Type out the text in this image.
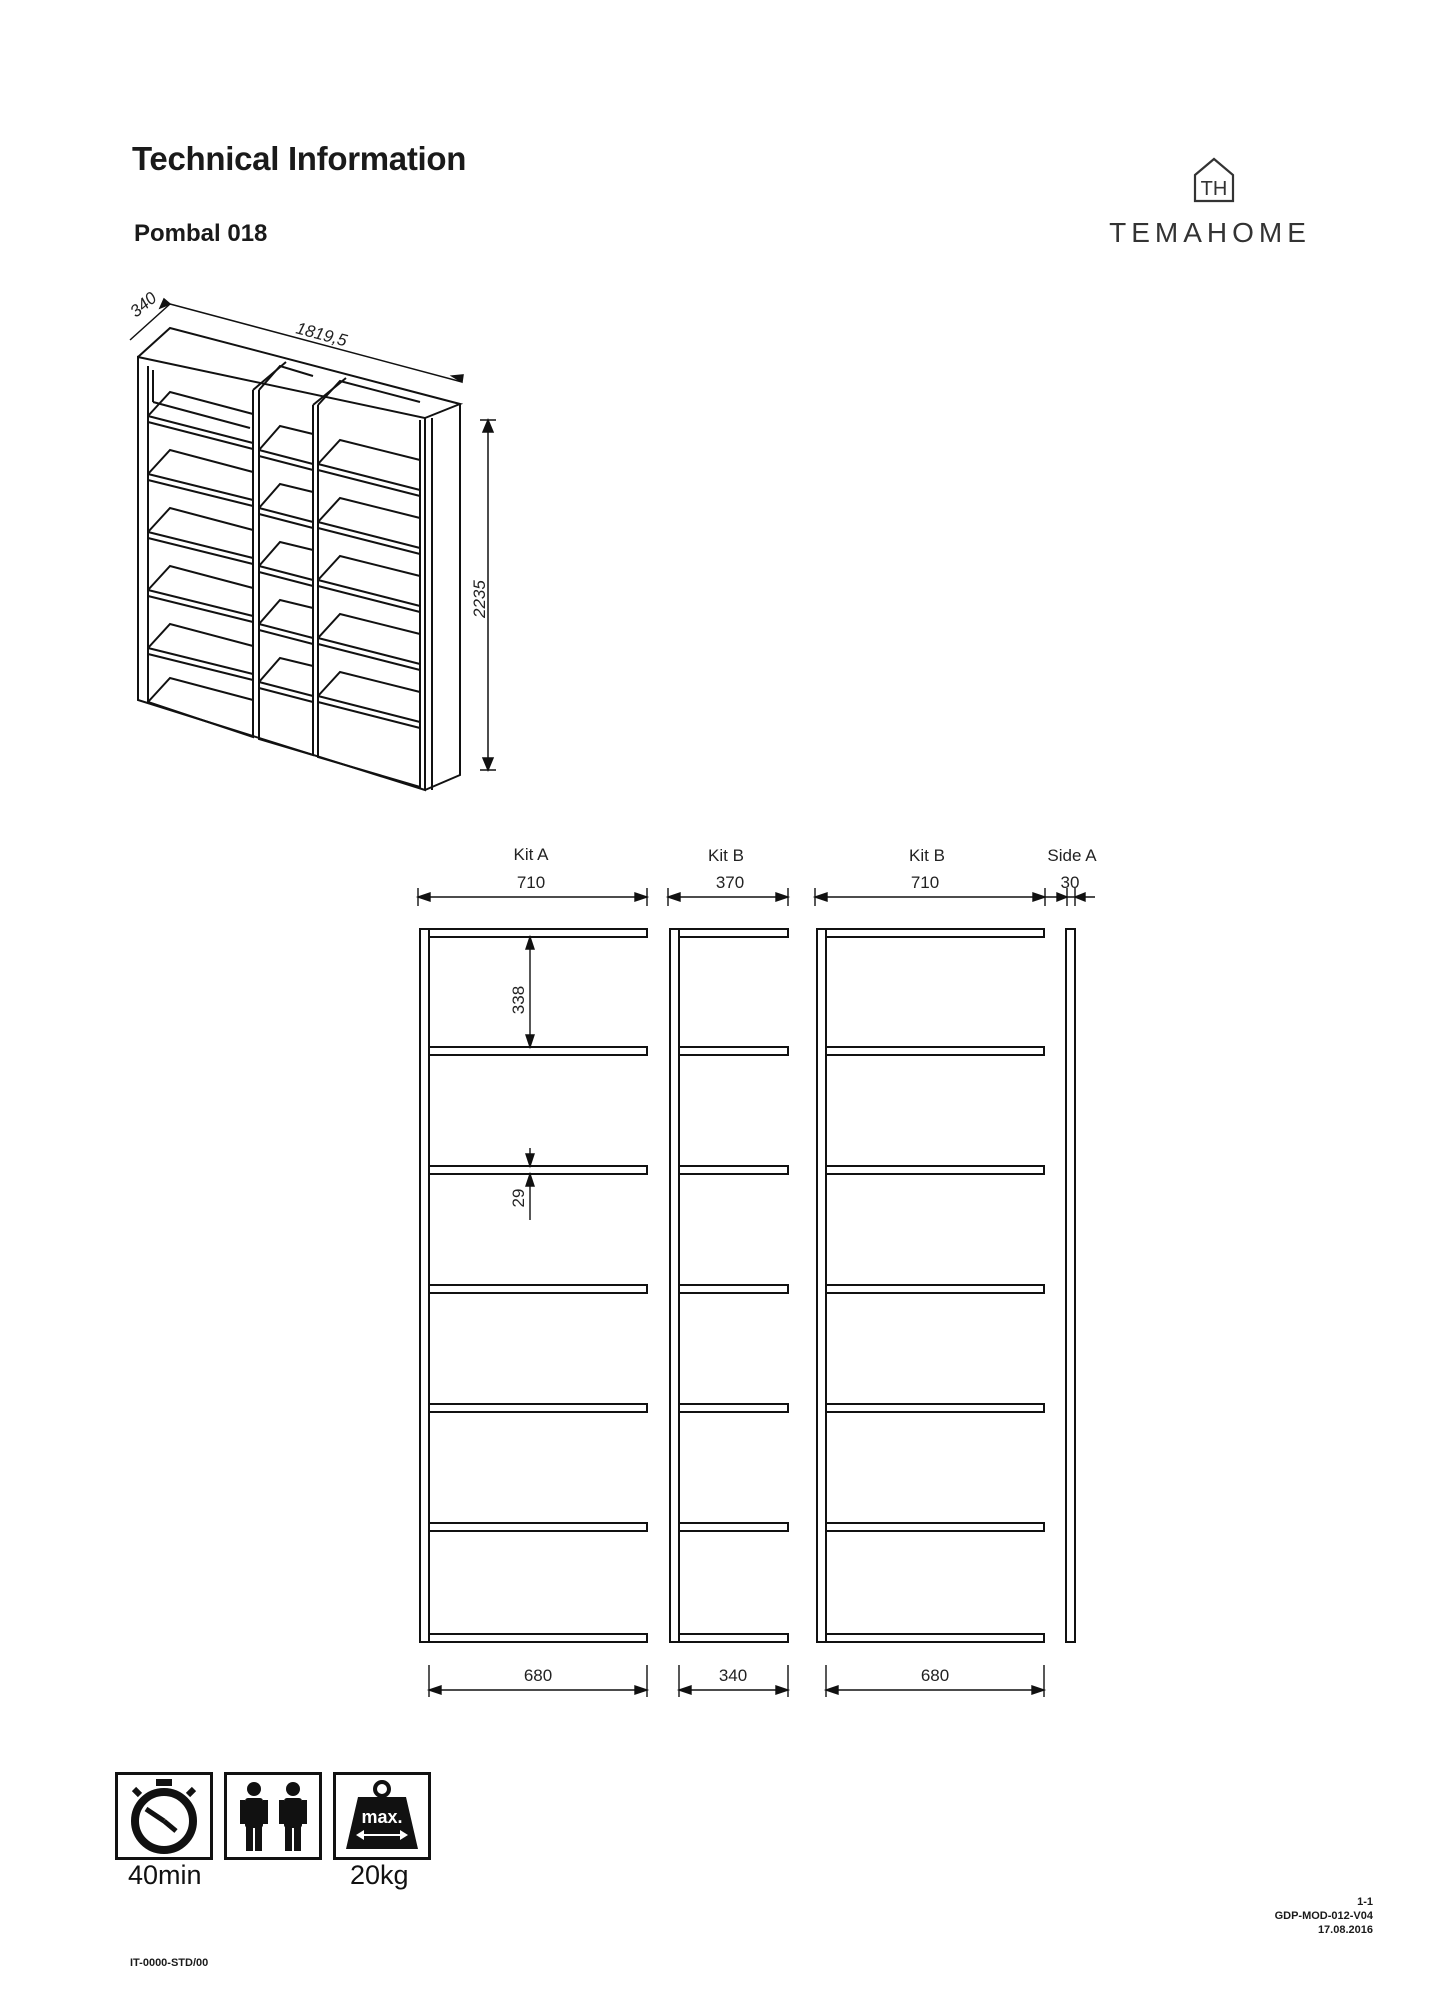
Technical Information
Pombal 018
TH
TEMAHOME
340
1819,5
2235
Kit A	Kit B	Kit B	Side A
710	370	710	30
338
29
680	340	680
40min
max.
20kg
IT-0000-STD/00
1-1
GDP-MOD-012-V04
17.08.2016
